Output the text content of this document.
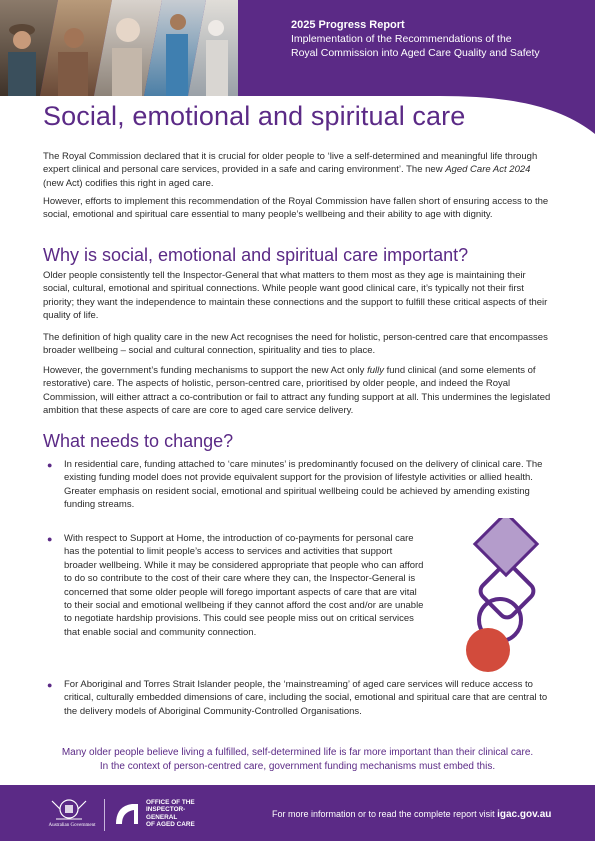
2025 Progress Report
Implementation of the Recommendations of the
Royal Commission into Aged Care Quality and Safety
Social, emotional and spiritual care

The Royal Commission declared that it is crucial for older people to ‘live a self-determined and meaningful life through expert clinical and personal care services, provided in a safe and caring environment’. The new Aged Care Act 2024 (new Act) codifies this right in aged care.

However, efforts to implement this recommendation of the Royal Commission have fallen short of ensuring access to the social, emotional and spiritual care essential to many people’s wellbeing and their ability to age with dignity.

Why is social, emotional and spiritual care important?

Older people consistently tell the Inspector-General that what matters to them most as they age is maintaining their social, cultural, emotional and spiritual connections. While people want good clinical care, it’s typically not their first priority; they want the independence to maintain these connections and the support to fulfill these critical aspects of their quality of life.

The definition of high quality care in the new Act recognises the need for holistic, person-centred care that encompasses broader wellbeing – social and cultural connection, spirituality and ties to place.

However, the government’s funding mechanisms to support the new Act only fully fund clinical (and some elements of restorative) care. The aspects of holistic, person-centred care, prioritised by older people, and indeed the Royal Commission, will either attract a co-contribution or fail to attract any funding support at all. This undermines the legislated ambition that these aspects of care are core to aged care service delivery.

What needs to change?
● In residential care, funding attached to ‘care minutes’ is predominantly focused on the delivery of clinical care. The existing funding model does not provide equivalent support for the provision of lifestyle activities or allied health. Greater emphasis on resident social, emotional and spiritual wellbeing could be achieved by amending existing funding streams.

● With respect to Support at Home, the introduction of co-payments for personal care has the potential to limit people’s access to services and activities that support broader wellbeing. While it may be considered appropriate that people who can afford to do so contribute to the cost of their care where they can, the Inspector-General is concerned that some older people will forego important aspects of care that are vital to their social and emotional wellbeing if they cannot afford the cost and/or are unable to negotiate hardship provisions. This could see people miss out on critical services that enable social and community connection.

● For Aboriginal and Torres Strait Islander people, the ‘mainstreaming’ of aged care services will reduce access to critical, culturally embedded dimensions of care, including the social, emotional and spiritual care that are central to the delivery models of Aboriginal Community-Controlled Organisations.

Many older people believe living a fulfilled, self-determined life is far more important than their clinical care.
In the context of person-centred care, government funding mechanisms must embed this.
Australian Government
OFFICE OF THE
INSPECTOR-
GENERAL
OF AGED CARE
For more information or to read the complete report visit igac.gov.au
